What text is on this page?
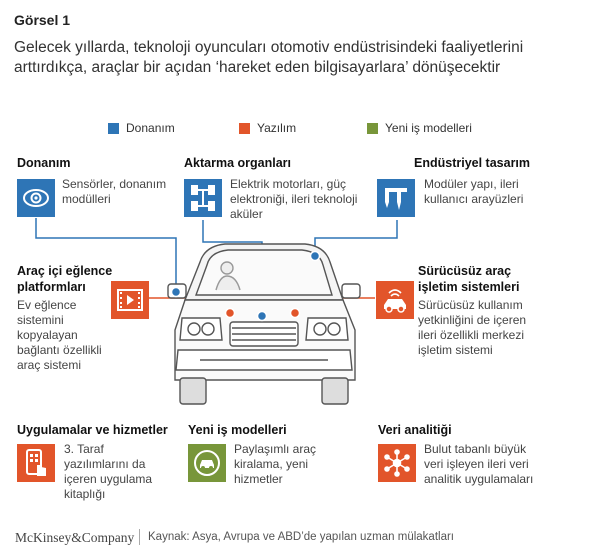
Görsel 1
Gelecek yıllarda, teknoloji oyuncuları otomotiv endüstrisindeki faaliyetlerini arttırdıkça, araçlar bir açıdan ‘hareket eden bilgisayarlara’ dönüşecektir
Donanım	Yazılım	Yeni iş modelleri
Donanım
Sensörler, donanım modülleri
Aktarma organları
Elektrik motorları, güç elektroniği, ileri teknoloji aküler
Endüstriyel tasarım
Modüler yapı, ileri kullanıcı arayüzleri
Araç içi eğlence platformları
Ev eğlence sistemini kopyalayan bağlantı özellikli araç sistemi
Sürücüsüz araç işletim sistemleri
Sürücüsüz kullanım yetkinliğini de içeren ileri özellikli merkezi işletim sistemi
Uygulamalar ve hizmetler
3. Taraf yazılımlarını da içeren uygulama kitaplığı
Yeni iş modelleri
Paylaşımlı araç kiralama, yeni hizmetler
Veri analitiği
Bulut tabanlı büyük veri işleyen ileri veri analitik uygulamaları
McKinsey&Company Kaynak: Asya, Avrupa ve ABD’de yapılan uzman mülakatları
